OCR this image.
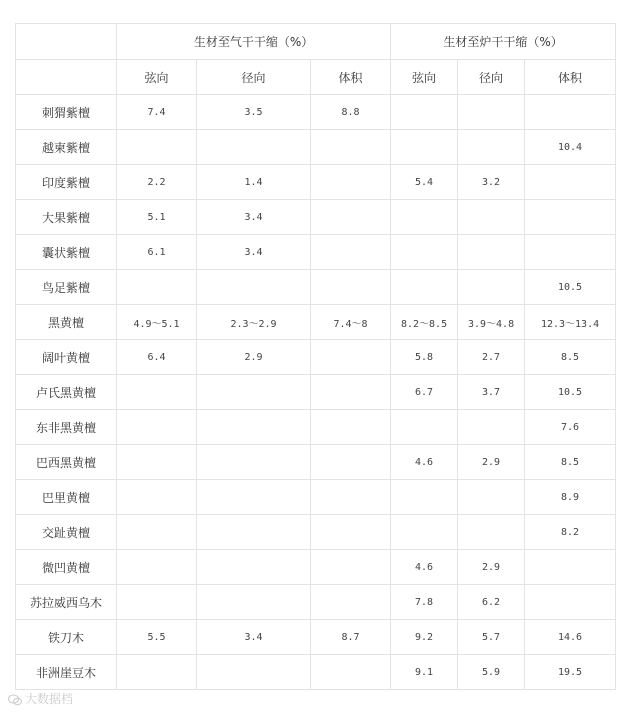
	生材至气干干缩（%）			生材至炉干干缩（%）		
	弦向	径向	体积	弦向	径向	体积
刺猬紫檀	7.4	3.5	8.8			
越柬紫檀						10.4
印度紫檀	2.2	1.4		5.4	3.2	
大果紫檀	5.1	3.4				
囊状紫檀	6.1	3.4				
鸟足紫檀						10.5
黑黄檀	4.9～5.1	2.3～2.9	7.4～8	8.2～8.5	3.9～4.8	12.3～13.4
阔叶黄檀	6.4	2.9		5.8	2.7	8.5
卢氏黑黄檀				6.7	3.7	10.5
东非黑黄檀						7.6
巴西黑黄檀				4.6	2.9	8.5
巴里黄檀						8.9
交趾黄檀						8.2
微凹黄檀				4.6	2.9	
苏拉威西乌木				7.8	6.2	
铁刀木	5.5	3.4	8.7	9.2	5.7	14.6
非洲崖豆木				9.1	5.9	19.5
大数据档
